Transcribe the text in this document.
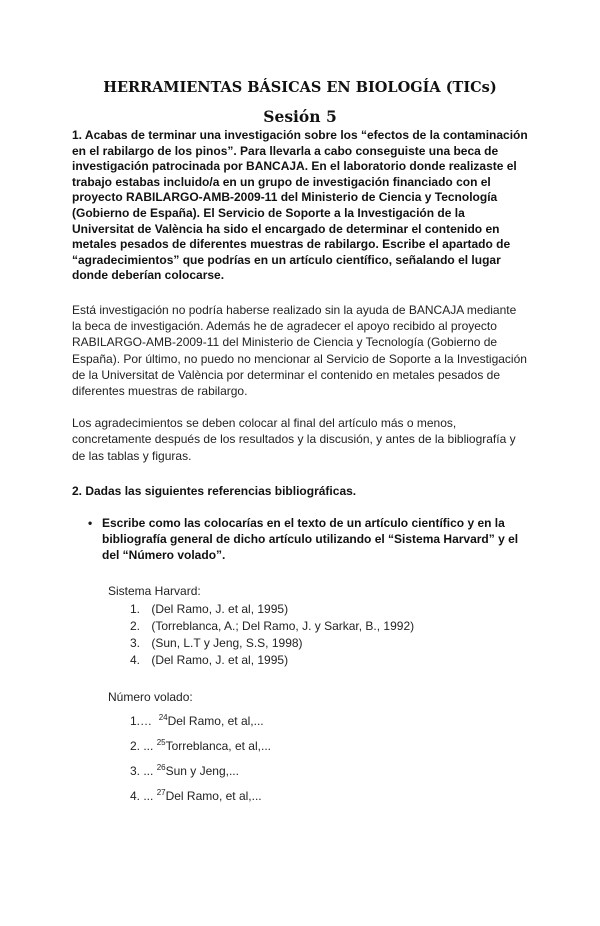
HERRAMIENTAS BÁSICAS EN BIOLOGÍA (TICs)
Sesión 5

1. Acabas de terminar una investigación sobre los “efectos de la contaminación en el rabilargo de los pinos”. Para llevarla a cabo conseguiste una beca de investigación patrocinada por BANCAJA. En el laboratorio donde realizaste el trabajo estabas incluido/a en un grupo de investigación financiado con el proyecto RABILARGO-AMB-2009-11 del Ministerio de Ciencia y Tecnología (Gobierno de España). El Servicio de Soporte a la Investigación de la Universitat de València ha sido el encargado de determinar el contenido en metales pesados de diferentes muestras de rabilargo. Escribe el apartado de “agradecimientos” que podrías en un artículo científico, señalando el lugar donde deberían colocarse.

Está investigación no podría haberse realizado sin la ayuda de BANCAJA mediante la beca de investigación. Además he de agradecer el apoyo recibido al proyecto RABILARGO-AMB-2009-11 del Ministerio de Ciencia y Tecnología (Gobierno de España). Por último, no puedo no mencionar al Servicio de Soporte a la Investigación de la Universitat de València por determinar el contenido en metales pesados de diferentes muestras de rabilargo.

Los agradecimientos se deben colocar al final del artículo más o menos, concretamente después de los resultados y la discusión, y antes de la bibliografía y de las tablas y figuras.

2. Dadas las siguientes referencias bibliográficas.

• Escribe como las colocarías en el texto de un artículo científico y en la bibliografía general de dicho artículo utilizando el “Sistema Harvard” y el del “Número volado”.

Sistema Harvard:

1. (Del Ramo, J. et al, 1995)
2. (Torreblanca, A.; Del Ramo, J. y Sarkar, B., 1992)
3. (Sun, L.T y Jeng, S.S, 1998)
4. (Del Ramo, J. et al, 1995)

Número volado:

1.… $^{24}$Del Ramo, et al,...
2. ... $^{25}$Torreblanca, et al,...
3. ... $^{26}$Sun y Jeng,...
4. ... $^{27}$Del Ramo, et al,...
